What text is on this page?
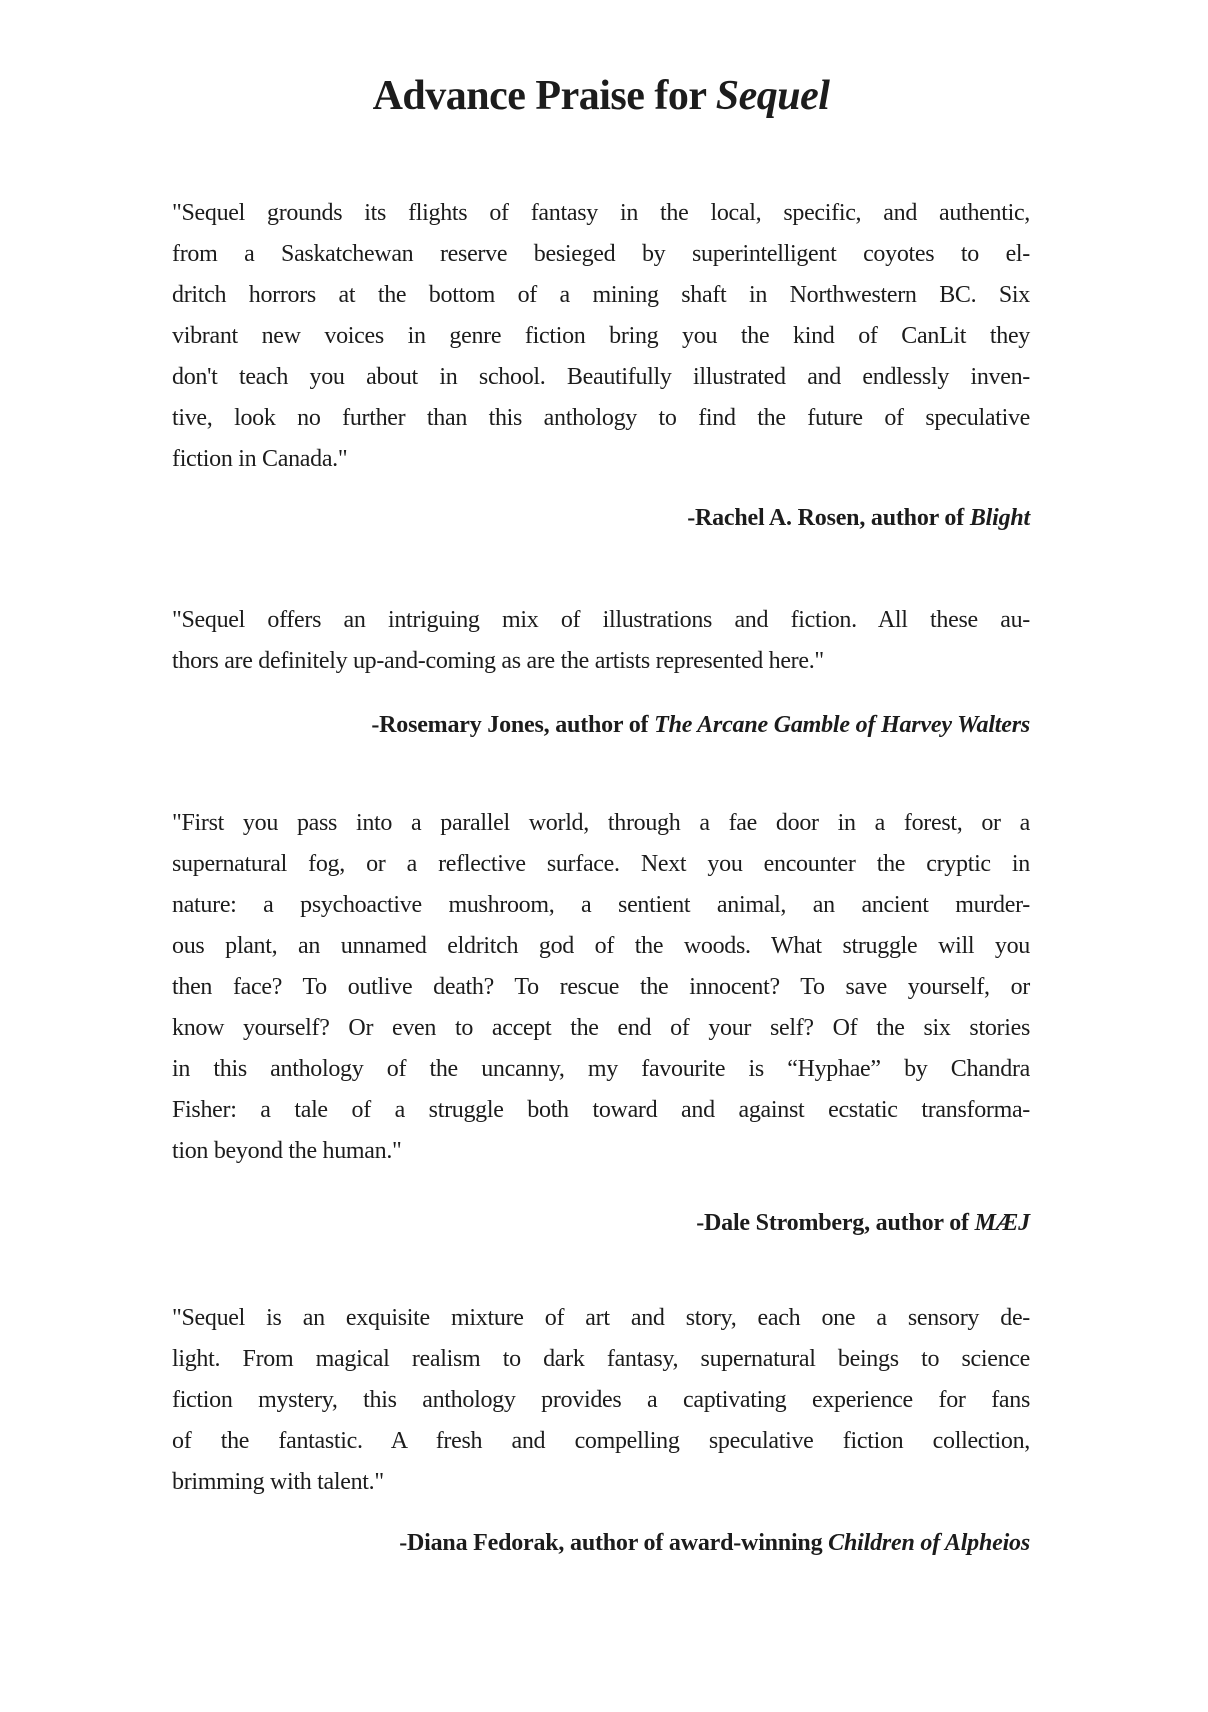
Advance Praise for Sequel
"Sequel grounds its flights of fantasy in the local, specific, and authentic,
from a Saskatchewan reserve besieged by superintelligent coyotes to el-
dritch horrors at the bottom of a mining shaft in Northwestern BC. Six
vibrant new voices in genre fiction bring you the kind of CanLit they
don't teach you about in school. Beautifully illustrated and endlessly inven-
tive, look no further than this anthology to find the future of speculative
fiction in Canada."
-Rachel A. Rosen, author of Blight
"Sequel offers an intriguing mix of illustrations and fiction. All these au-
thors are definitely up-and-coming as are the artists represented here."
-Rosemary Jones, author of The Arcane Gamble of Harvey Walters
"First you pass into a parallel world, through a fae door in a forest, or a
supernatural fog, or a reflective surface. Next you encounter the cryptic in
nature: a psychoactive mushroom, a sentient animal, an ancient murder-
ous plant, an unnamed eldritch god of the woods. What struggle will you
then face? To outlive death? To rescue the innocent? To save yourself, or
know yourself? Or even to accept the end of your self? Of the six stories
in this anthology of the uncanny, my favourite is “Hyphae” by Chandra
Fisher: a tale of a struggle both toward and against ecstatic transforma-
tion beyond the human."
-Dale Stromberg, author of MÆJ
"Sequel is an exquisite mixture of art and story, each one a sensory de-
light. From magical realism to dark fantasy, supernatural beings to science
fiction mystery, this anthology provides a captivating experience for fans
of the fantastic. A fresh and compelling speculative fiction collection,
brimming with talent."
-Diana Fedorak, author of award-winning Children of Alpheios
